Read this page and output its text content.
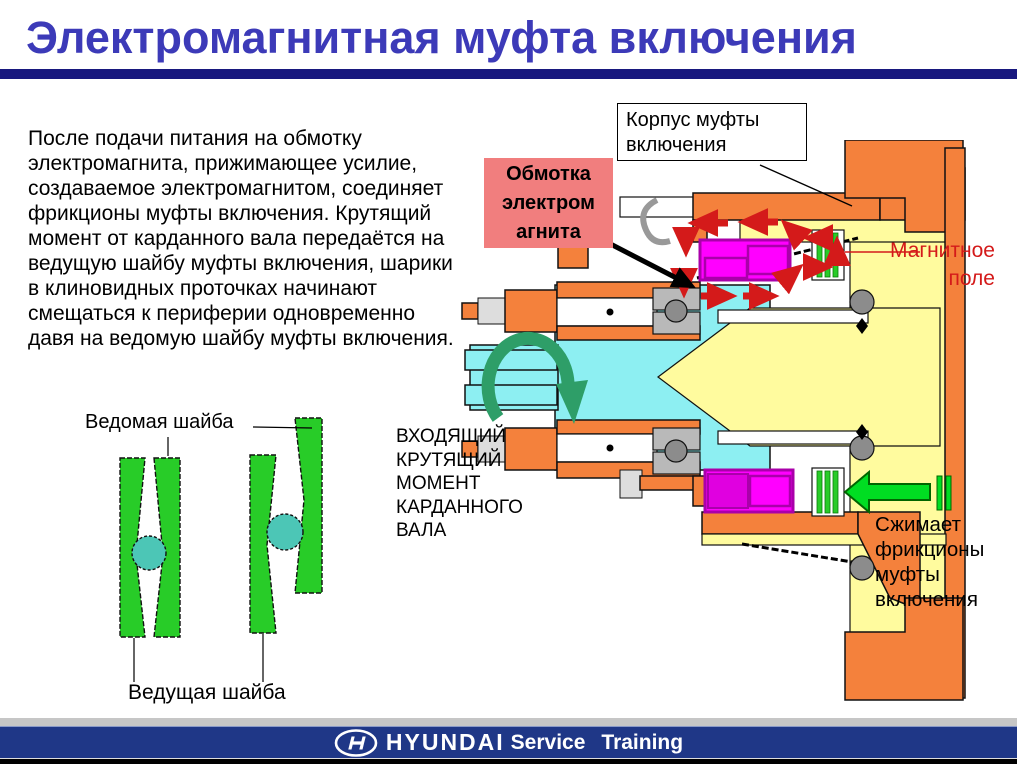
Электромагнитная муфта включения
После подачи питания на обмотку
электромагнита, прижимающее усилие,
создаваемое электромагнитом, соединяет
фрикционы муфты включения. Крутящий
момент от карданного вала передаётся на
ведущую шайбу муфты включения, шарики
в клиновидных проточках начинают
смещаться к периферии одновременно
давя на ведомую шайбу муфты включения.
Корпус муфты
включения
Обмотка
электром
агнита
Магнитное
поле
ВХОДЯЩИЙ
КРУТЯЩИЙ
МОМЕНТ
КАРДАННОГО
ВАЛА	Сжимает
фрикционы
муфты
включения
Ведомая шайба
Ведущая шайба
HYUNDAI Service Training
